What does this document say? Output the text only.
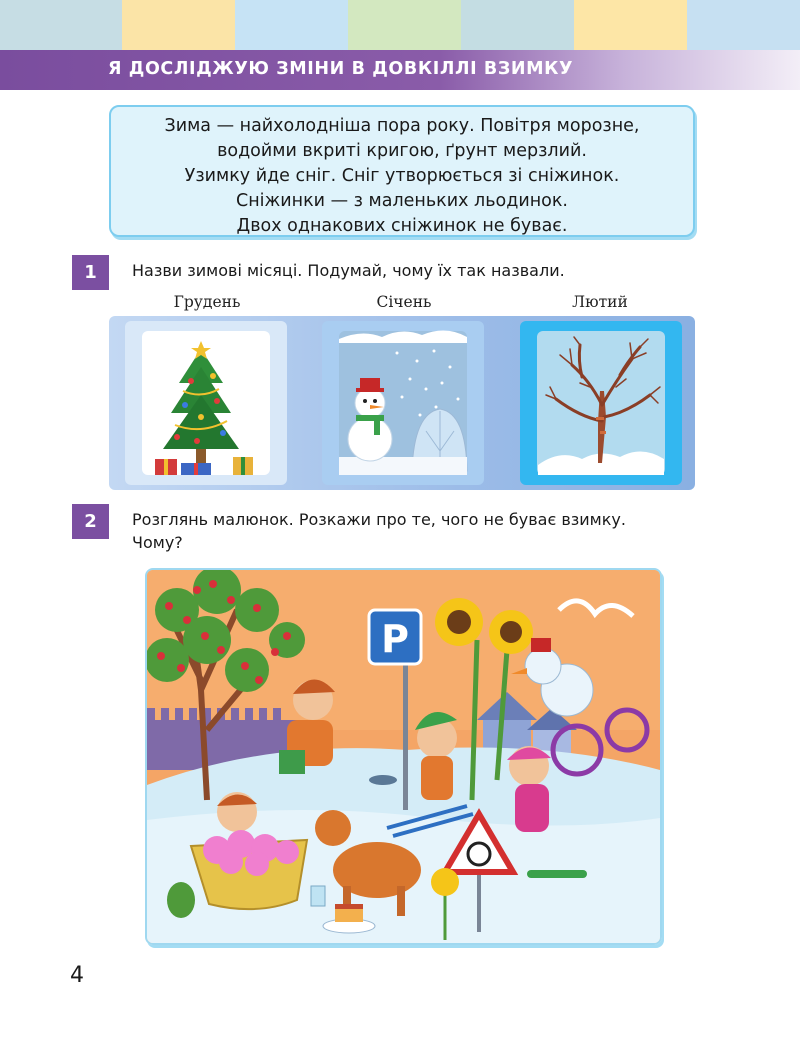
Я ДОСЛІДЖУЮ ЗМІНИ В ДОВКІЛЛІ ВЗИМКУ
Зима — найхолодніша пора року. Повітря морозне,
водойми вкриті кригою, ґрунт мерзлий.
Узимку йде сніг. Сніг утворюється зі сніжинок.
Сніжинки — з маленьких льодинок.
Двох однакових сніжинок не буває.
1	Назви зимові місяці. Подумай, чому їх так назвали.
Грудень	Січень	Лютий
2	Розглянь малюнок. Розкажи про те, чого не буває взимку.
Чому?
P
4
